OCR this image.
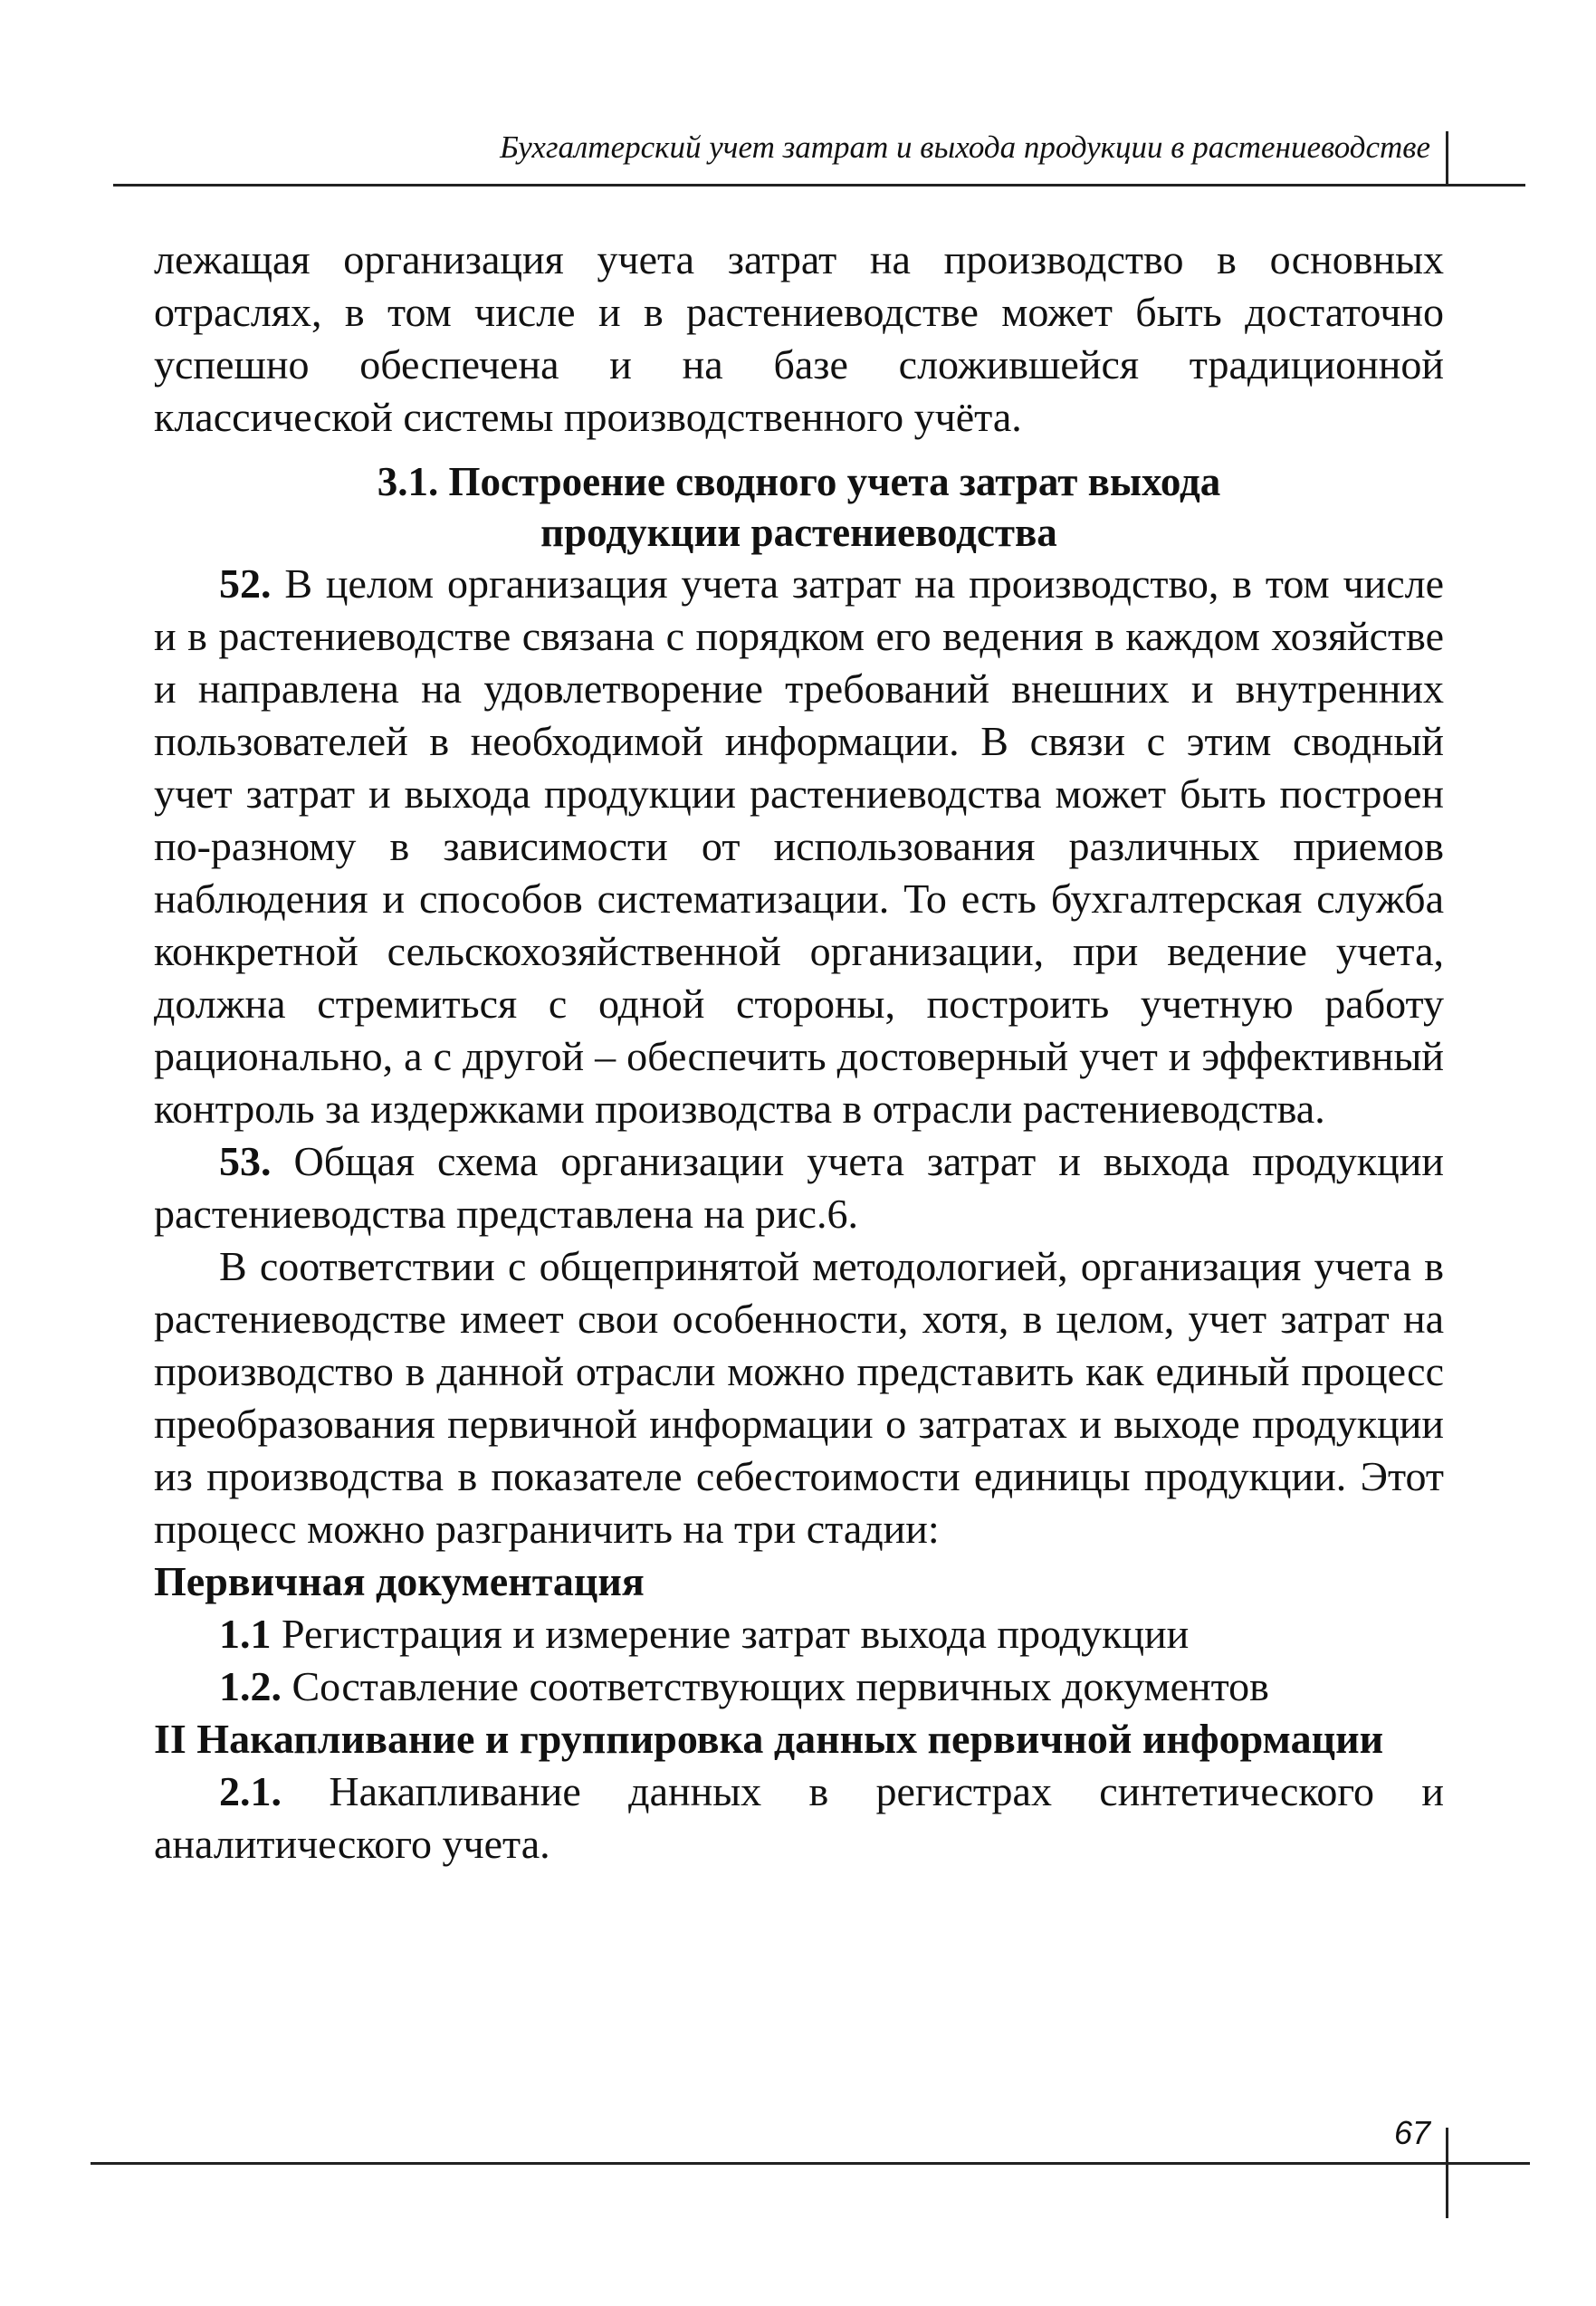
Бухгалтерский учет затрат и выхода продукции в растениеводстве

лежащая организация учета затрат на производство в основных отраслях, в том числе и в растениеводстве может быть достаточно успешно обеспечена и на базе сложившейся традиционной классической системы производственного учёта.

3.1. Построение сводного учета затрат выхода
продукции растениеводства

52. В целом организация учета затрат на производство, в том числе и в растениеводстве связана с порядком его ведения в каждом хозяйстве и направлена на удовлетворение требований внешних и внутренних пользователей в необходимой информации. В связи с этим сводный учет затрат и выхода продукции растениеводства может быть построен по-разному в зависимости от использования различных приемов наблюдения и способов систематизации. То есть бухгалтерская служба конкретной сельскохозяйственной организации, при ведение учета, должна стремиться с одной стороны, построить учетную работу рационально, а с другой – обеспечить достоверный учет и эффективный контроль за издержками производства в отрасли растениеводства.

53. Общая схема организации учета затрат и выхода продукции растениеводства представлена на рис.6.

В соответствии с общепринятой методологией, организация учета в растениеводстве имеет свои особенности, хотя, в целом, учет затрат на производство в данной отрасли можно представить как единый процесс преобразования первичной информации о затратах и выходе продукции из производства в показателе себестоимости единицы продукции. Этот процесс можно разграничить на три стадии:

Первичная документация

1.1 Регистрация и измерение затрат выхода продукции

1.2. Составление соответствующих первичных документов

II Накапливание и группировка данных первичной информации

2.1. Накапливание данных в регистрах синтетического и аналитического учета.

67
